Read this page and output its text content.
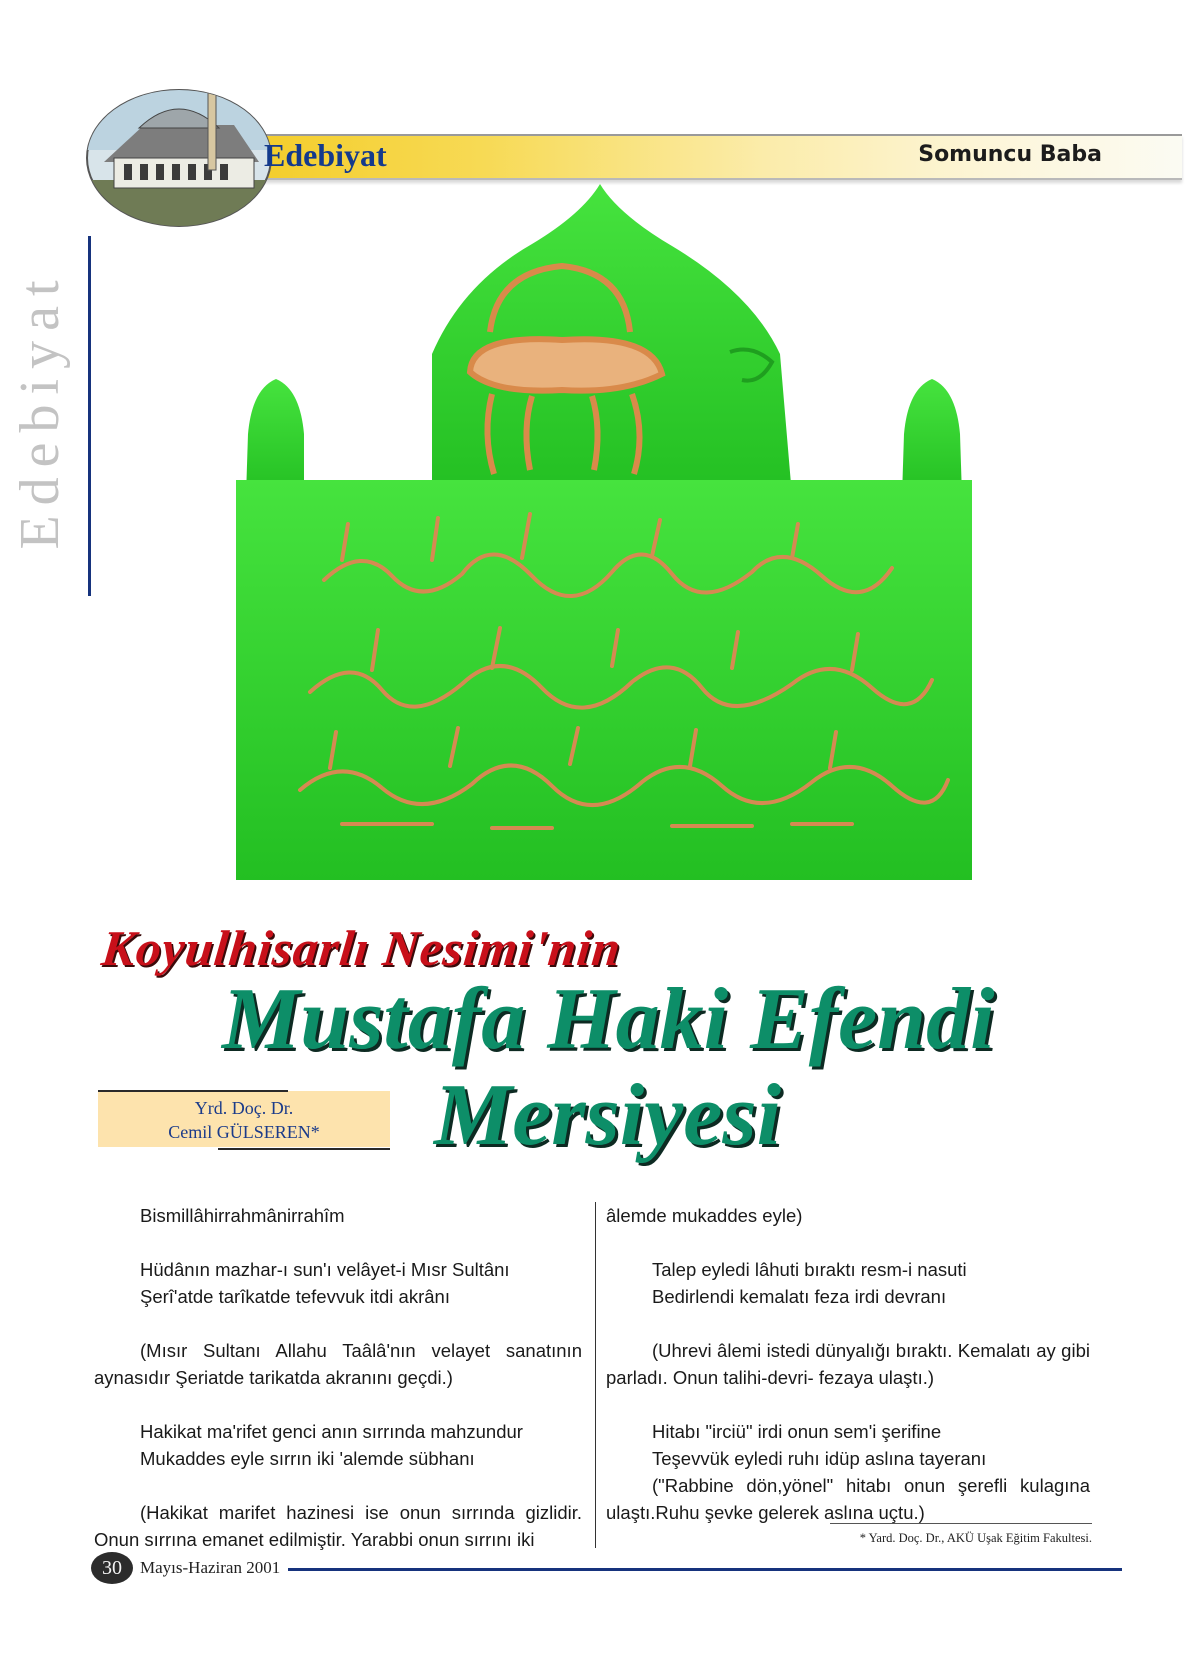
Edebiyat	Somuncu Baba
Edebiyat
Koyulhisarlı Nesimi'nin
Mustafa Haki Efendi
Mersiyesi
Yrd. Doç. Dr.
Cemil GÜLSEREN*

Bismillâhirrahmânirrahîm

Hüdânın mazhar-ı sun'ı velâyet-i Mısr Sultânı

Şerî'atde tarîkatde tefevvuk itdi akrânı

(Mısır Sultanı Allahu Taâlâ'nın velayet sanatının aynasıdır Şeriatde tarikatda akranını geçdi.)

Hakikat ma'rifet genci anın sırrında mahzundur

Mukaddes eyle sırrın iki 'alemde sübhanı

(Hakikat marifet hazinesi ise onun sırrında gizlidir. Onun sırrına emanet edilmiştir. Yarabbi onun sırrını iki

âlemde mukaddes eyle)

Talep eyledi lâhuti bıraktı resm-i nasuti

Bedirlendi kemalatı feza irdi devranı

(Uhrevi âlemi istedi dünyalığı bıraktı. Kemalatı ay gibi parladı. Onun talihi-devri- fezaya ulaştı.)

Hitabı "irciü" irdi onun sem'i şerifine

Teşevvük eyledi ruhı idüp aslına tayeranı

("Rabbine dön,yönel" hitabı onun şerefli kulagına ulaştı.Ruhu şevke gelerek aslına uçtu.)

* Yard. Doç. Dr., AKÜ Uşak Eğitim Fakultesi.
30	Mayıs-Haziran 2001
